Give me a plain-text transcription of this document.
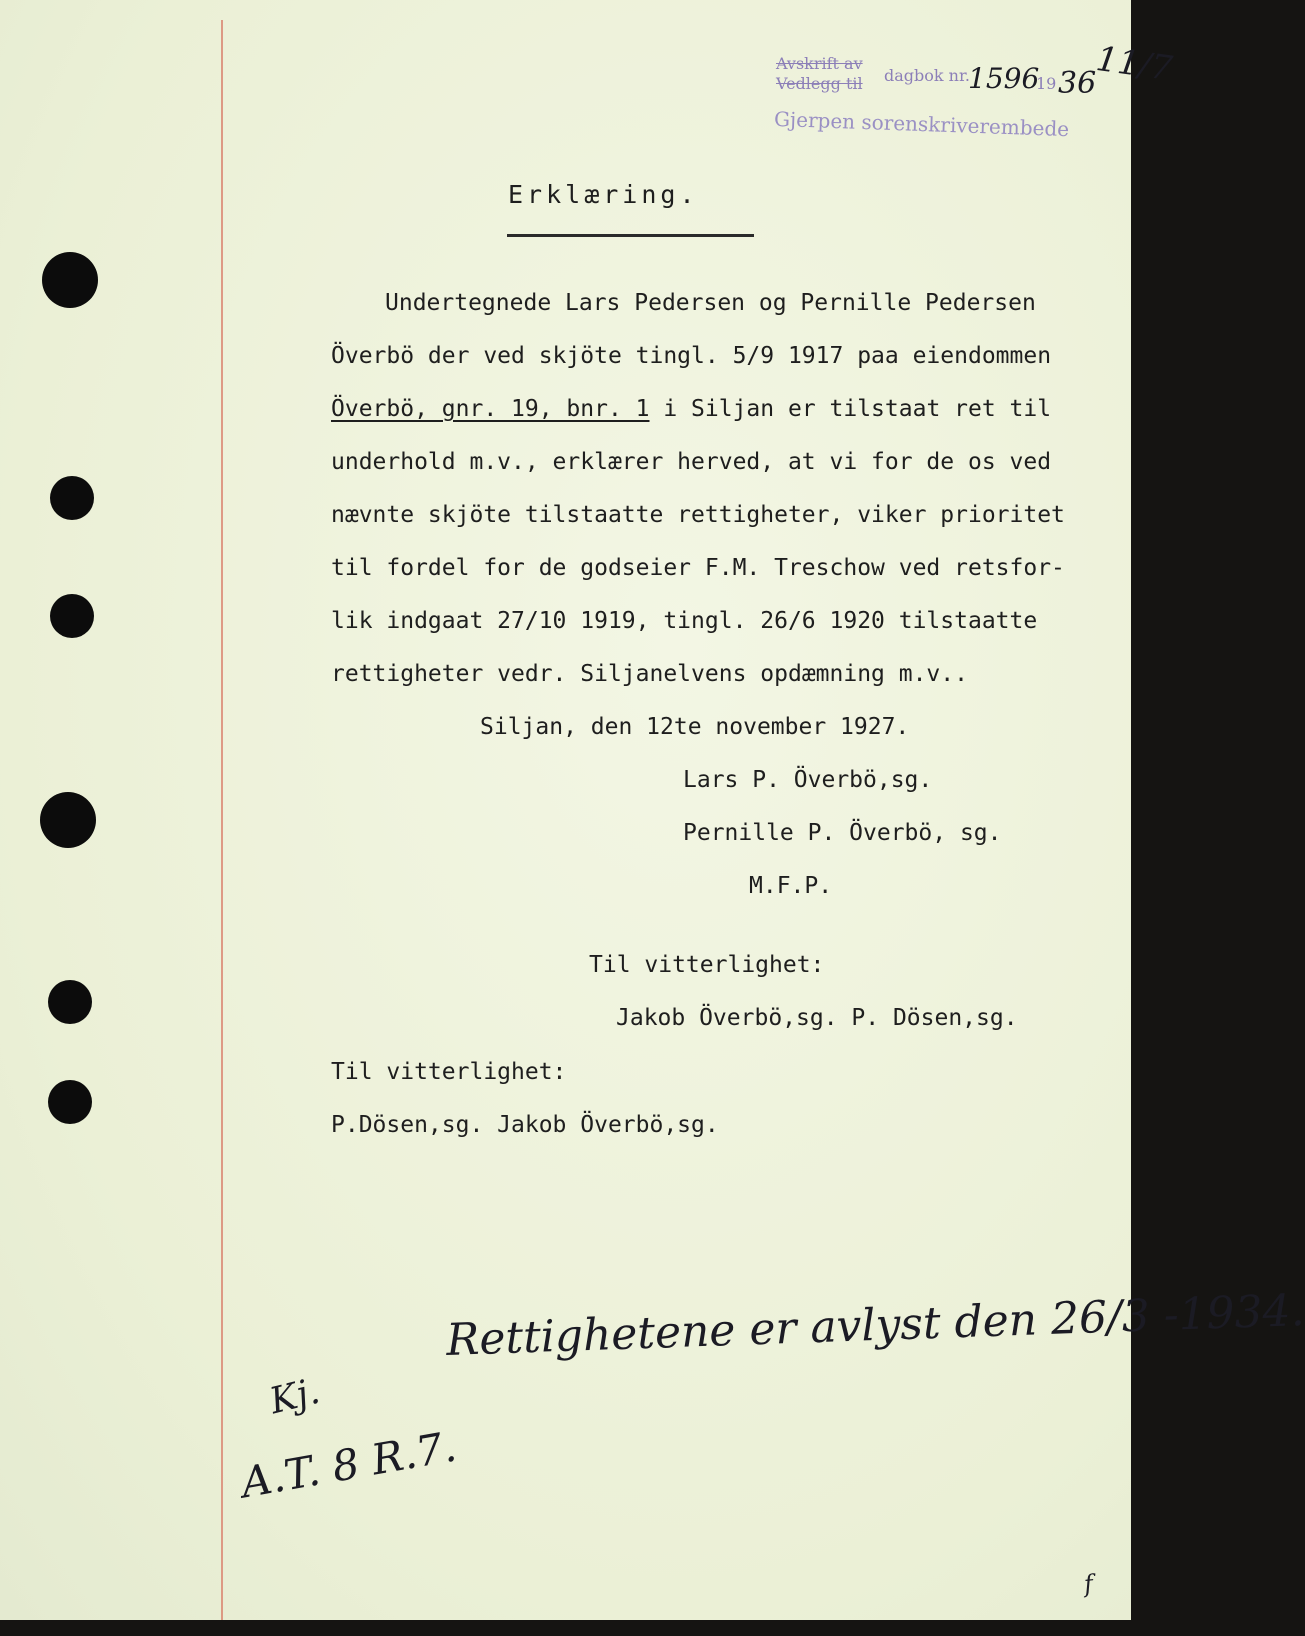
Avskrift av
Vedlegg til dagbok nr.
1596
19 36
11/7
Gjerpen sorenskriverembede
Erklæring.
Undertegnede Lars Pedersen og Pernille Pedersen
Överbö der ved skjöte tingl. 5/9 1917 paa eiendommen
Överbö, gnr. 19, bnr. 1 i Siljan er tilstaat ret til
underhold m.v., erklærer herved, at vi for de os ved
nævnte skjöte tilstaatte rettigheter, viker prioritet
til fordel for de godseier F.M. Treschow ved retsfor-
lik indgaat 27/10 1919, tingl. 26/6 1920 tilstaatte
rettigheter vedr. Siljanelvens opdæmning m.v..
Siljan, den 12te november 1927.
Lars P. Överbö,sg.
Pernille P. Överbö, sg.
M.F.P.
Til vitterlighet:
Jakob Överbö,sg. P. Dösen,sg.
Til vitterlighet:
P.Dösen,sg. Jakob Överbö,sg.
Rettighetene er avlyst den 26/3 -1934.
Kj.
A.T. 8 R.7.
f
